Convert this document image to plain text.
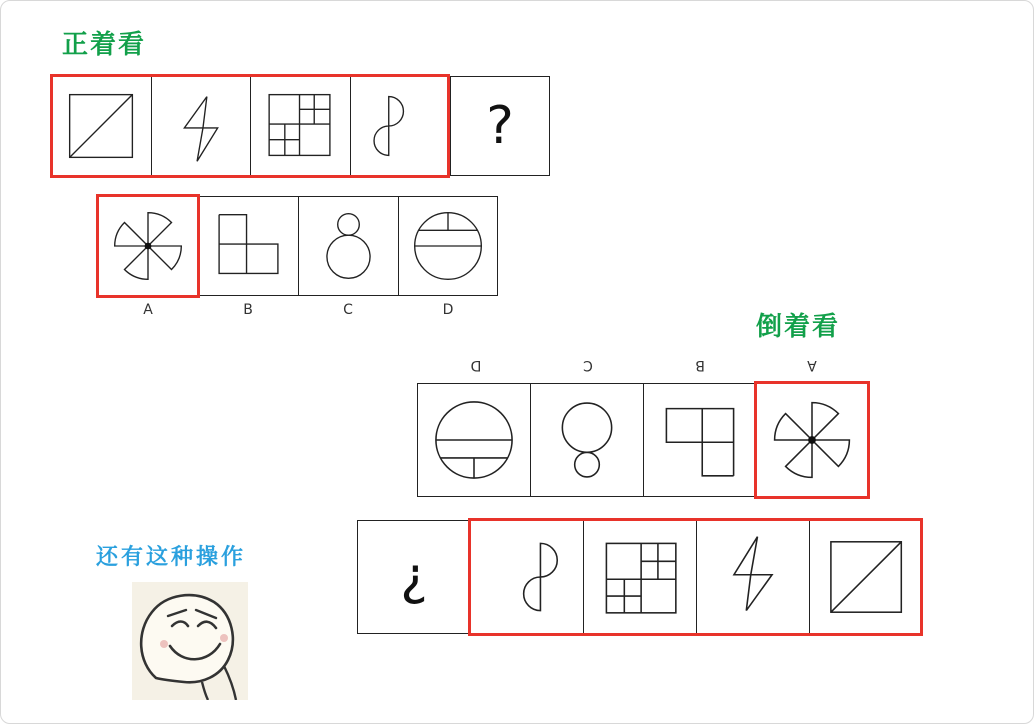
正着看
?
A	B	C	D
倒着看
D	C	B	A
¿
还有这种操作
